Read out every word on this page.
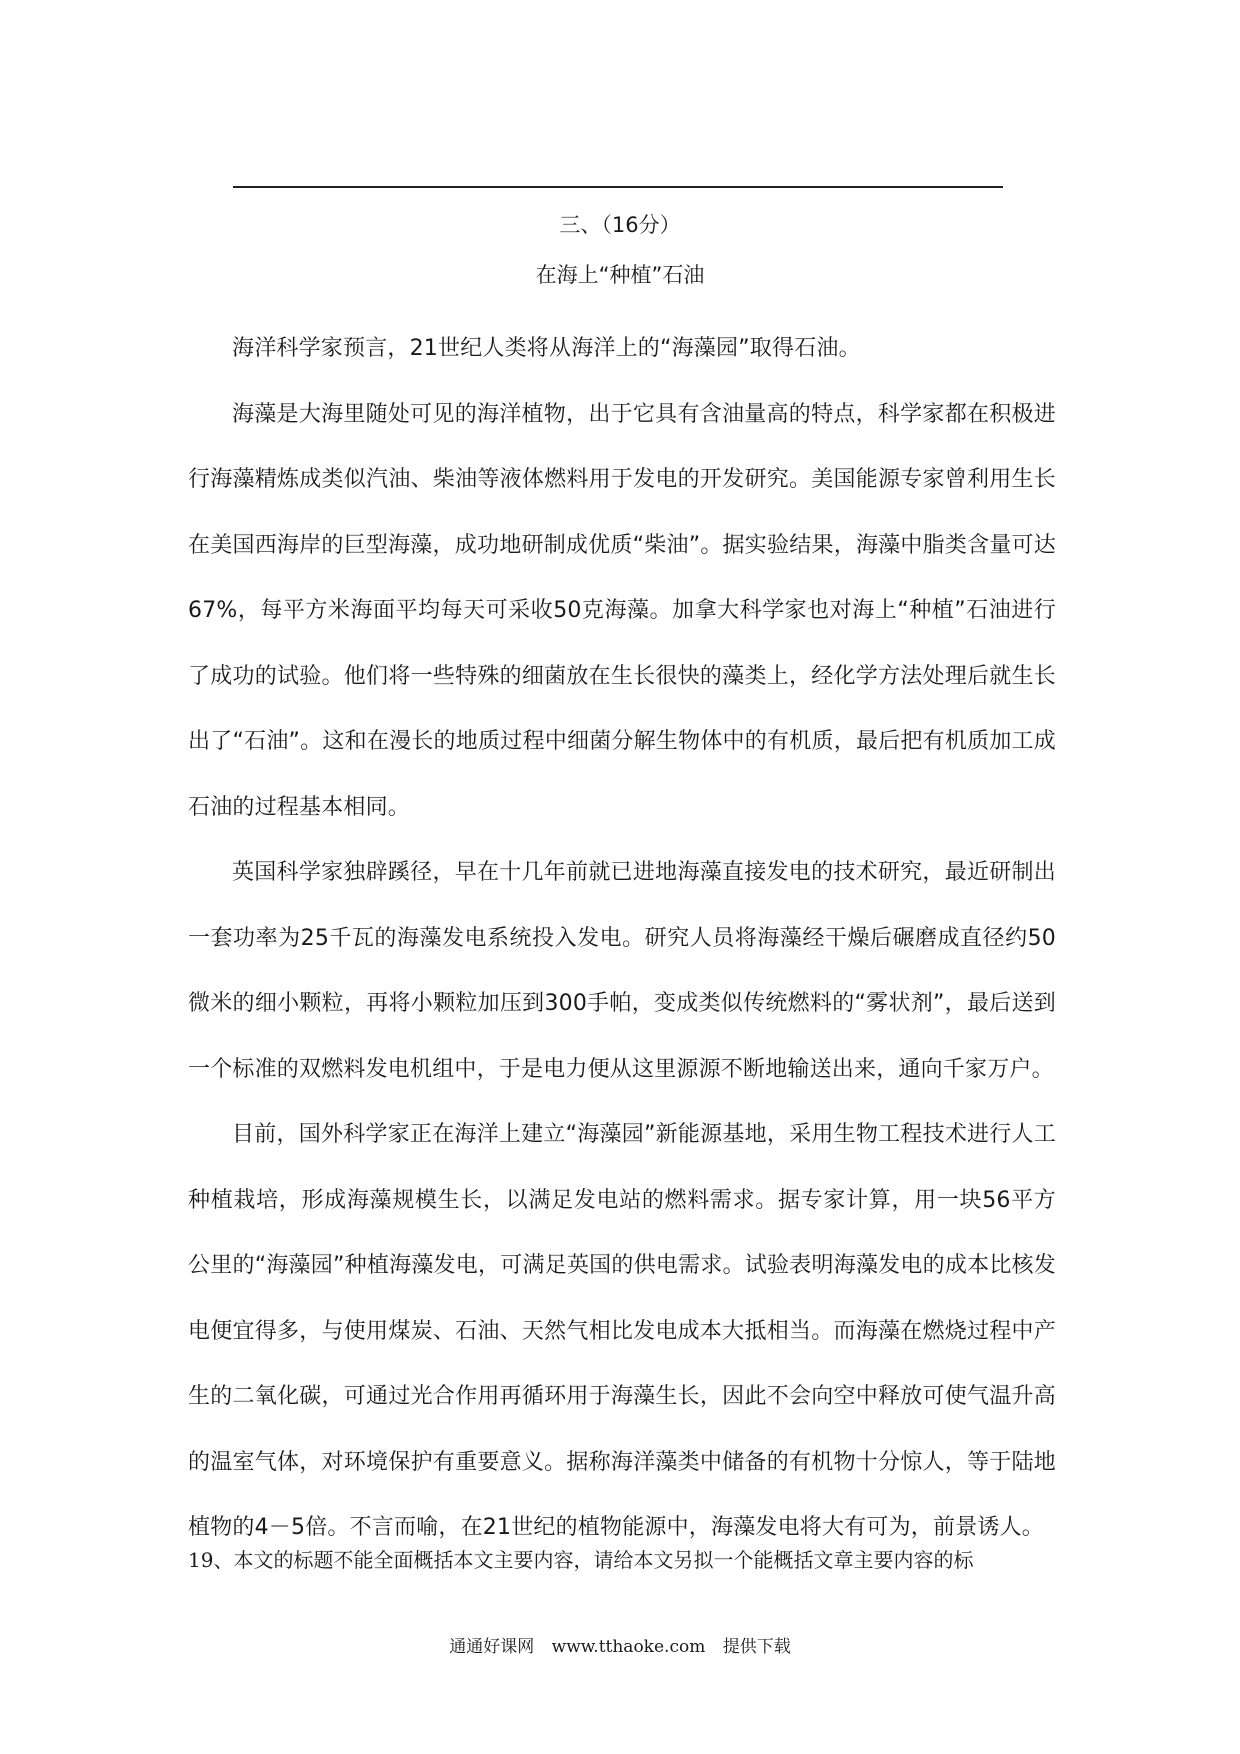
三、（16分）
在海上“种植”石油

海洋科学家预言，21世纪人类将从海洋上的“海藻园”取得石油。

海藻是大海里随处可见的海洋植物，出于它具有含油量高的特点，科学家都在积极进行海藻精炼成类似汽油、柴油等液体燃料用于发电的开发研究。美国能源专家曾利用生长在美国西海岸的巨型海藻，成功地研制成优质“柴油”。据实验结果，海藻中脂类含量可达67%，每平方米海面平均每天可采收50克海藻。加拿大科学家也对海上“种植”石油进行了成功的试验。他们将一些特殊的细菌放在生长很快的藻类上，经化学方法处理后就生长出了“石油”。这和在漫长的地质过程中细菌分解生物体中的有机质，最后把有机质加工成石油的过程基本相同。

英国科学家独辟蹊径，早在十几年前就已进地海藻直接发电的技术研究，最近研制出一套功率为25千瓦的海藻发电系统投入发电。研究人员将海藻经干燥后碾磨成直径约50微米的细小颗粒，再将小颗粒加压到300手帕，变成类似传统燃料的“雾状剂”，最后送到一个标准的双燃料发电机组中，于是电力便从这里源源不断地输送出来，通向千家万户。

目前，国外科学家正在海洋上建立“海藻园”新能源基地，采用生物工程技术进行人工种植栽培，形成海藻规模生长，以满足发电站的燃料需求。据专家计算，用一块56平方公里的“海藻园”种植海藻发电，可满足英国的供电需求。试验表明海藻发电的成本比核发电便宜得多，与使用煤炭、石油、天然气相比发电成本大抵相当。而海藻在燃烧过程中产生的二氧化碳，可通过光合作用再循环用于海藻生长，因此不会向空中释放可使气温升高的温室气体，对环境保护有重要意义。据称海洋藻类中储备的有机物十分惊人，等于陆地植物的4－5倍。不言而喻，在21世纪的植物能源中，海藻发电将大有可为，前景诱人。

19、本文的标题不能全面概括本文主要内容，请给本文另拟一个能概括文章主要内容的标
通通好课网 www.tthaoke.com 提供下载
